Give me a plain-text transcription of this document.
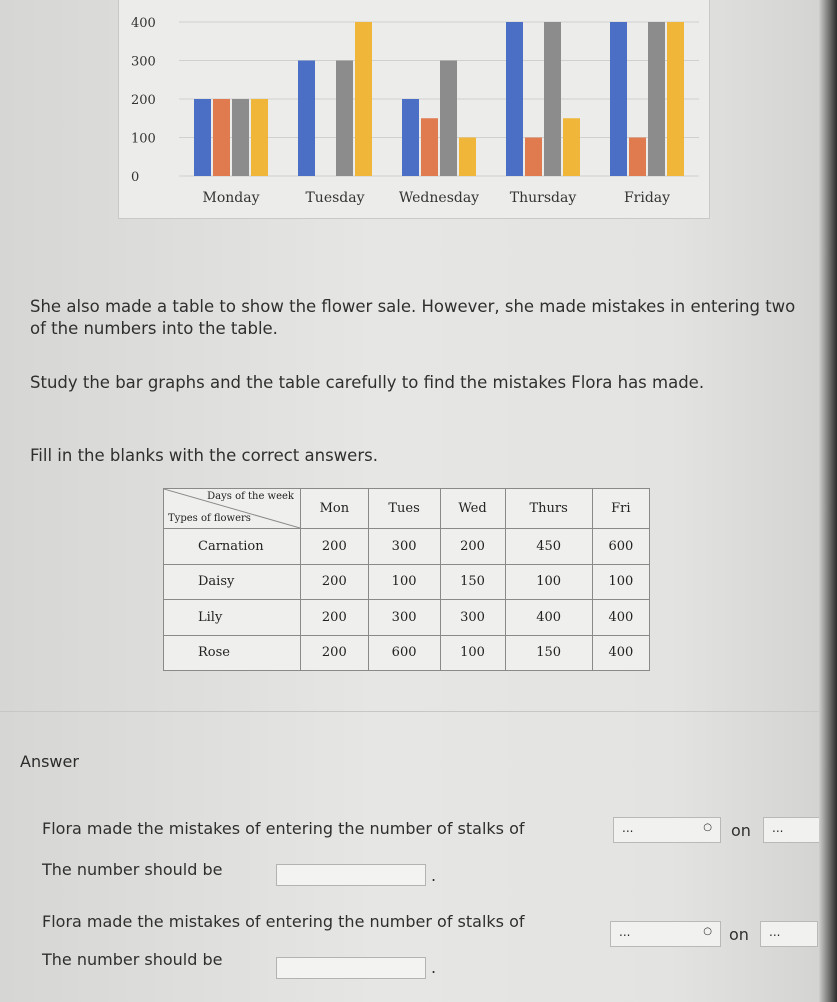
0
100
200
300
400
Monday	Tuesday Wednesday Thursday	Friday
She also made a table to show the flower sale. However, she made mistakes in entering two of the numbers into the table.
Study the bar graphs and the table carefully to find the mistakes Flora has made.
Fill in the blanks with the correct answers.
Days of the week
Types of flowers	Mon	Tues	Wed	Thurs	Fri
Carnation	200	300	200	450	600
Daisy	200	100	150	100	100
Lily	200	300	300	400	400
Rose	200	600	100	150	400
Answer
Flora made the mistakes of entering the number of stalks of	...	○ on ...
The number should be	.
Flora made the mistakes of entering the number of stalks of
...	○ on ...
The number should be	.
